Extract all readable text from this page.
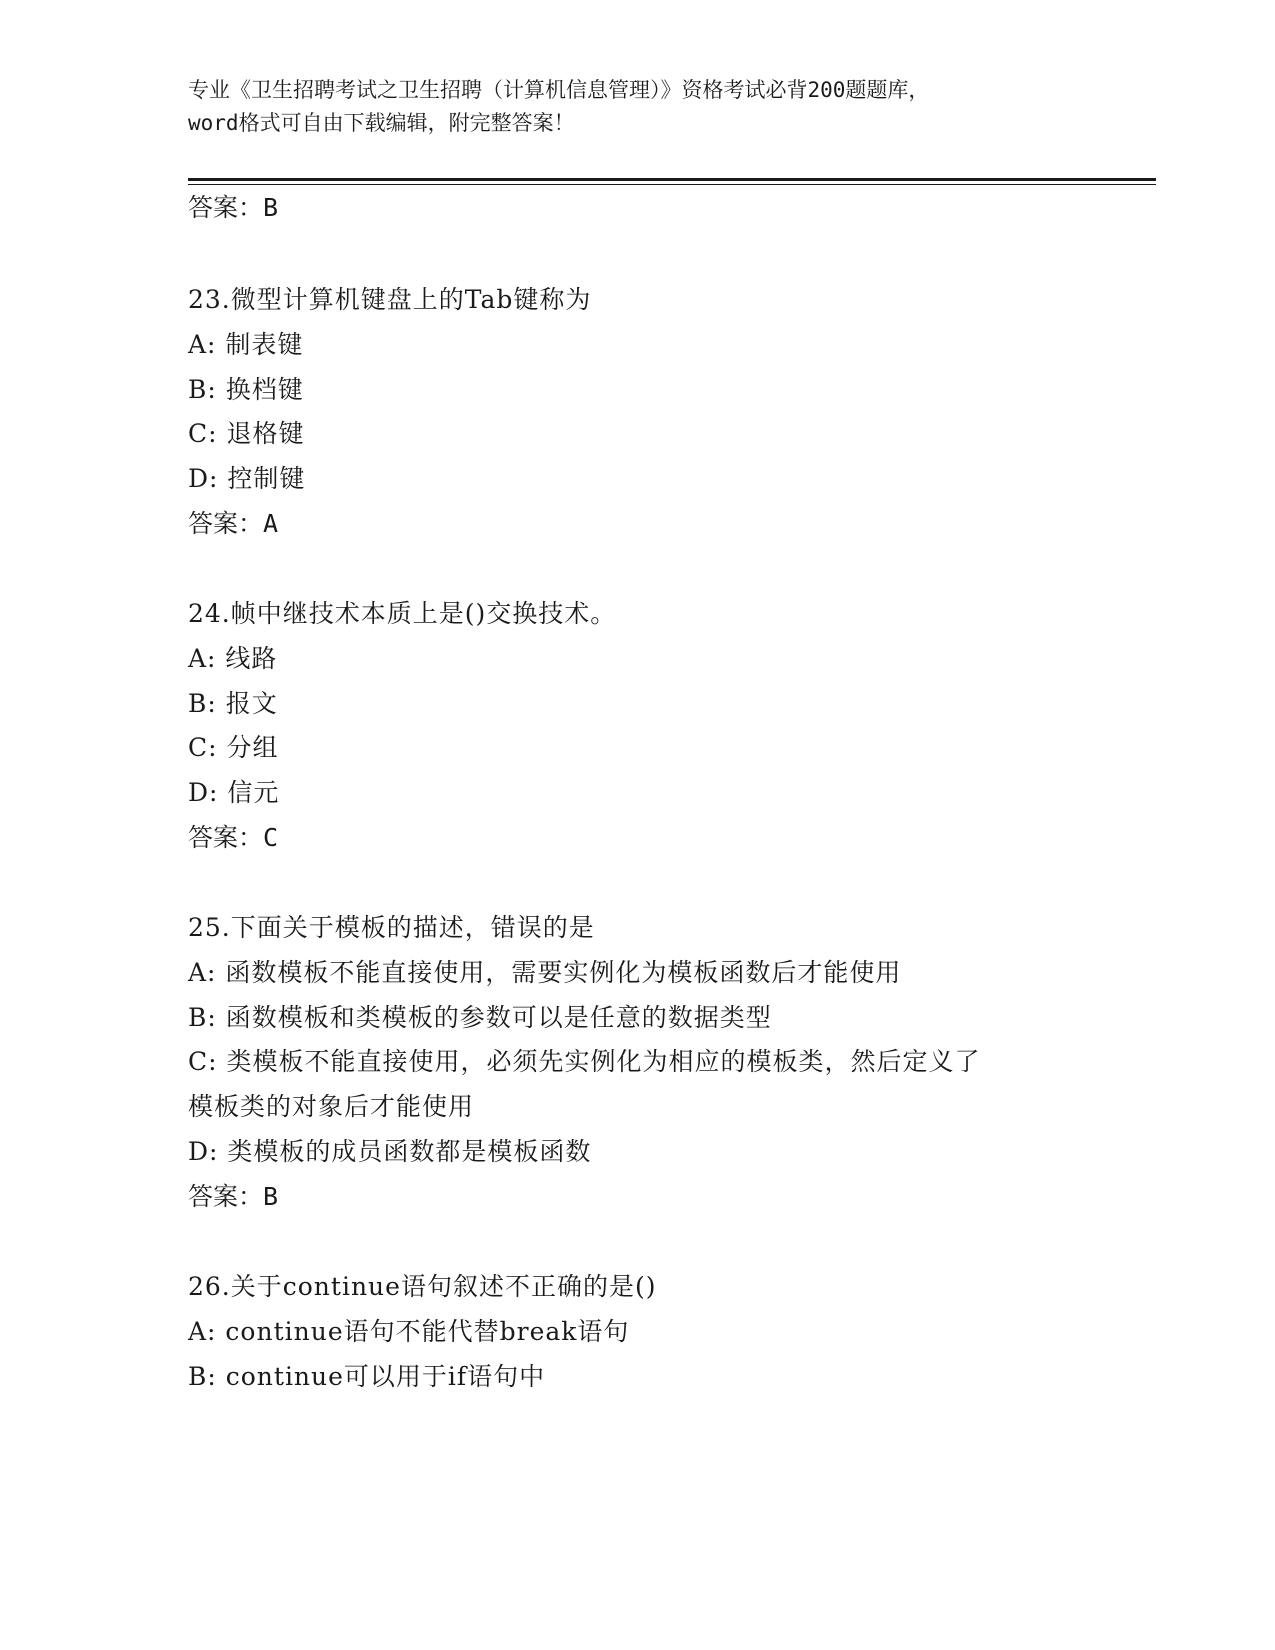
专业《卫生招聘考试之卫生招聘（计算机信息管理）》资格考试必背200题题库，
word格式可自由下载编辑，附完整答案！
答案：B
23.微型计算机键盘上的Tab键称为
A: 制表键
B: 换档键
C: 退格键
D: 控制键
答案：A
24.帧中继技术本质上是()交换技术。
A: 线路
B: 报文
C: 分组
D: 信元
答案：C
25.下面关于模板的描述，错误的是
A: 函数模板不能直接使用，需要实例化为模板函数后才能使用
B: 函数模板和类模板的参数可以是任意的数据类型
C: 类模板不能直接使用，必须先实例化为相应的模板类，然后定义了
模板类的对象后才能使用
D: 类模板的成员函数都是模板函数
答案：B
26.关于continue语句叙述不正确的是()
A: continue语句不能代替break语句
B: continue可以用于if语句中
